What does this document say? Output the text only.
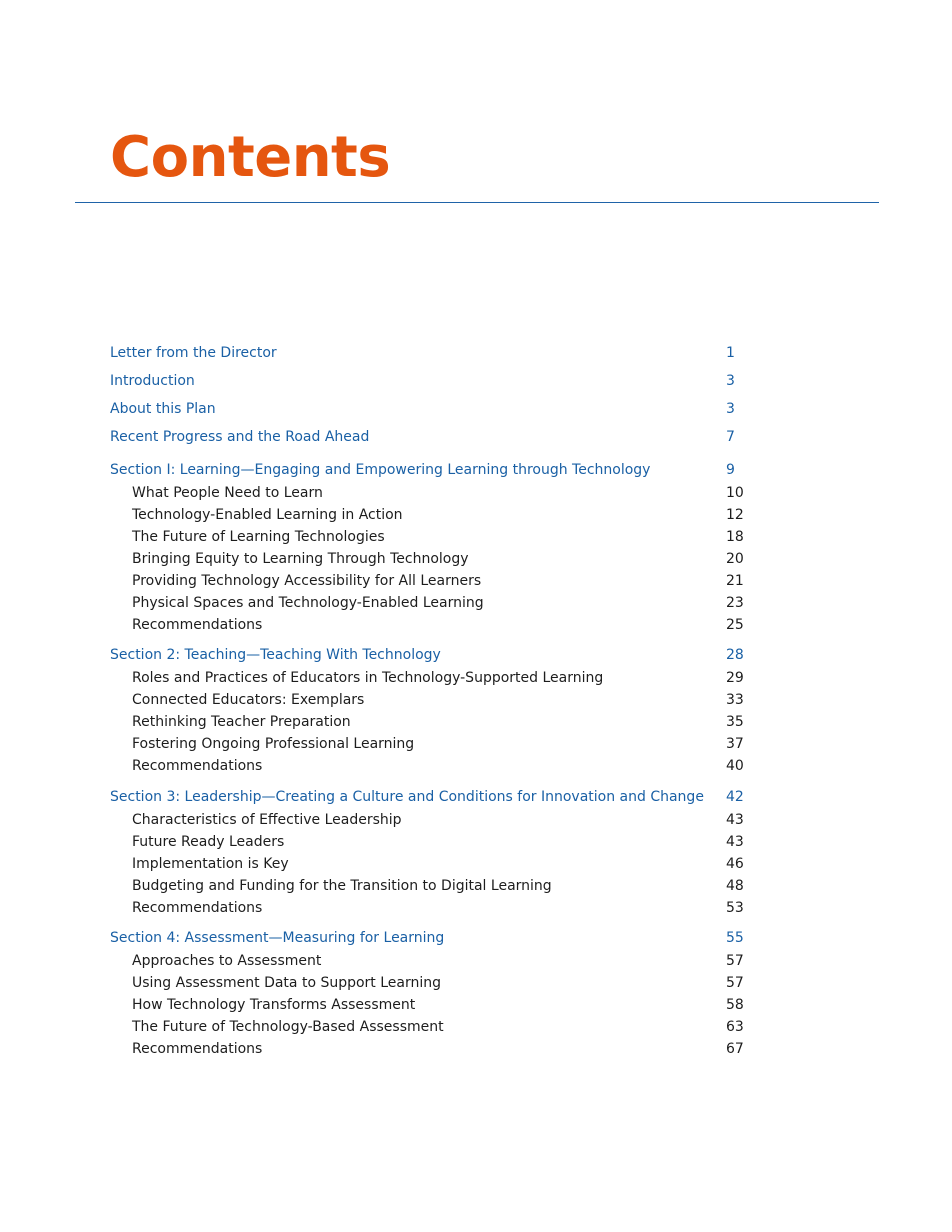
Contents
Letter from the Director	1
Introduction	3
About this Plan	3
Recent Progress and the Road Ahead	7
Section I: Learning—Engaging and Empowering Learning through Technology	9
What People Need to Learn	10
Technology-Enabled Learning in Action	12
The Future of Learning Technologies	18
Bringing Equity to Learning Through Technology	20
Providing Technology Accessibility for All Learners	21
Physical Spaces and Technology-Enabled Learning	23
Recommendations	25
Section 2: Teaching—Teaching With Technology	28
Roles and Practices of Educators in Technology-Supported Learning	29
Connected Educators: Exemplars	33
Rethinking Teacher Preparation	35
Fostering Ongoing Professional Learning	37
Recommendations	40
Section 3: Leadership—Creating a Culture and Conditions for Innovation and Change 42
Characteristics of Effective Leadership	43
Future Ready Leaders	43
Implementation is Key	46
Budgeting and Funding for the Transition to Digital Learning	48
Recommendations	53
Section 4: Assessment—Measuring for Learning	55
Approaches to Assessment	57
Using Assessment Data to Support Learning	57
How Technology Transforms Assessment	58
The Future of Technology-Based Assessment	63
Recommendations	67
